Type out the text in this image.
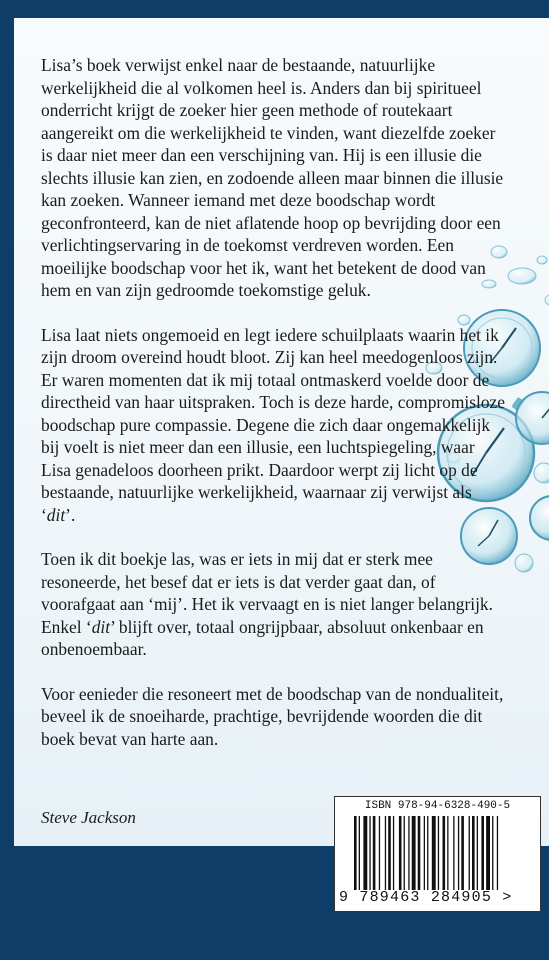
Lisa’s boek verwijst enkel naar de bestaande, natuurlijke werkelijkheid die al volkomen heel is. Anders dan bij spiritueel onderricht krijgt de zoeker hier geen methode of routekaart aangereikt om die werkelijkheid te vinden, want diezelfde zoeker is daar niet meer dan een verschijning van. Hij is een illusie die slechts illusie kan zien, en zodoende alleen maar binnen die illusie kan zoeken. Wanneer iemand met deze boodschap wordt geconfronteerd, kan de niet aflatende hoop op bevrijding door een verlichtingservaring in de toekomst verdreven worden. Een moeilijke boodschap voor het ik, want het betekent de dood van hem en van zijn gedroomde toekomstige geluk.

Lisa laat niets ongemoeid en legt iedere schuilplaats waarin het ik zijn droom overeind houdt bloot. Zij kan heel meedogenloos zijn. Er waren momenten dat ik mij totaal ontmaskerd voelde door de directheid van haar uitspraken. Toch is deze harde, compromisloze boodschap pure compassie. Degene die zich daar ongemakkelijk bij voelt is niet meer dan een illusie, een luchtspiegeling, waar Lisa genadeloos doorheen prikt. Daardoor werpt zij licht op de bestaande, natuurlijke werkelijkheid, waarnaar zij verwijst als ‘dit’.

Toen ik dit boekje las, was er iets in mij dat er sterk mee resoneerde, het besef dat er iets is dat verder gaat dan, of voorafgaat aan ‘mij’. Het ik vervaagt en is niet langer belangrijk. Enkel ‘dit’ blijft over, totaal ongrijpbaar, absoluut onkenbaar en onbenoembaar.

Voor eenieder die resoneert met de boodschap van de nondualiteit, beveel ik de snoeiharde, prachtige, bevrijdende woorden die dit boek bevat van harte aan.

Steve Jackson
ISBN 978-94-6328-490-5
9 789463 284905 >
